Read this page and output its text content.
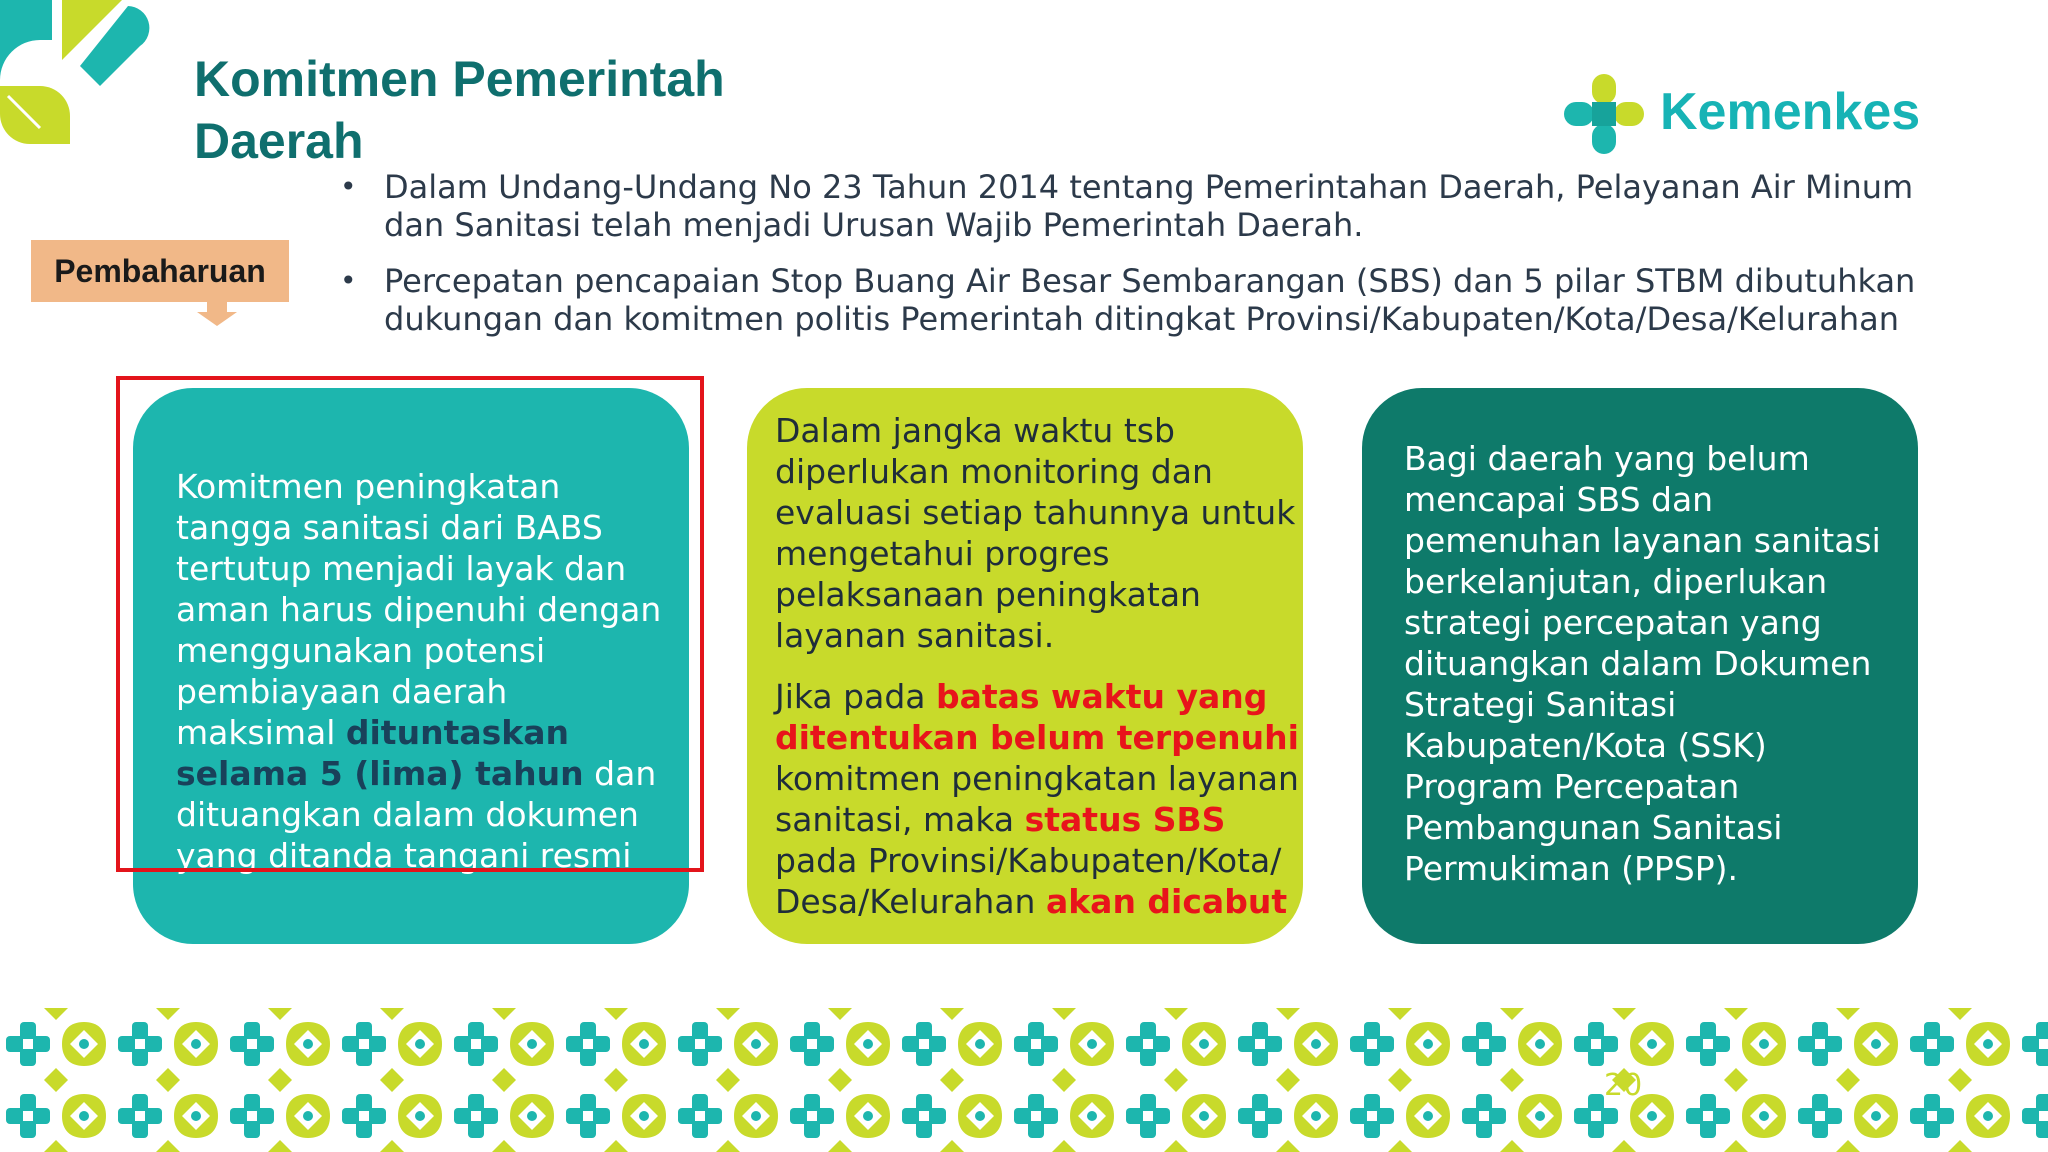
Komitmen Pemerintah Daerah	Kemenkes
• Dalam Undang-Undang No 23 Tahun 2014 tentang Pemerintahan Daerah, Pelayanan Air Minum dan Sanitasi telah menjadi Urusan Wajib Pemerintah Daerah.
• Percepatan pencapaian Stop Buang Air Besar Sembarangan (SBS) dan 5 pilar STBM dibutuhkan dukungan dan komitmen politis Pemerintah ditingkat Provinsi/Kabupaten/Kota/Desa/Kelurahan
Pembaharuan

Komitmen peningkatan tangga sanitasi dari BABS tertutup menjadi layak dan aman harus dipenuhi dengan menggunakan potensi pembiayaan daerah maksimal dituntaskan selama 5 (lima) tahun dan dituangkan dalam dokumen yang ditanda tangani resmi

Dalam jangka waktu tsb diperlukan monitoring dan evaluasi setiap tahunnya untuk mengetahui progres pelaksanaan peningkatan layanan sanitasi.

Jika pada batas waktu yang ditentukan belum terpenuhi komitmen peningkatan layanan sanitasi, maka status SBS pada Provinsi/Kabupaten/Kota/ Desa/Kelurahan akan dicabut

Bagi daerah yang belum mencapai SBS dan pemenuhan layanan sanitasi berkelanjutan, diperlukan strategi percepatan yang dituangkan dalam Dokumen Strategi Sanitasi Kabupaten/Kota (SSK) Program Percepatan Pembangunan Sanitasi Permukiman (PPSP).

20
